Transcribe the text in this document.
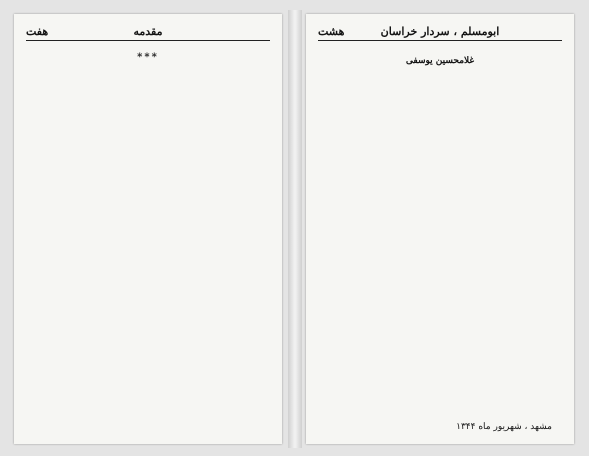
مقدمه
هفت

***

ابومسلم ، سردار خراسان
هشت

غلامحسین یوسفی
مشهد ، شهریور ماه ۱۳۴۴
